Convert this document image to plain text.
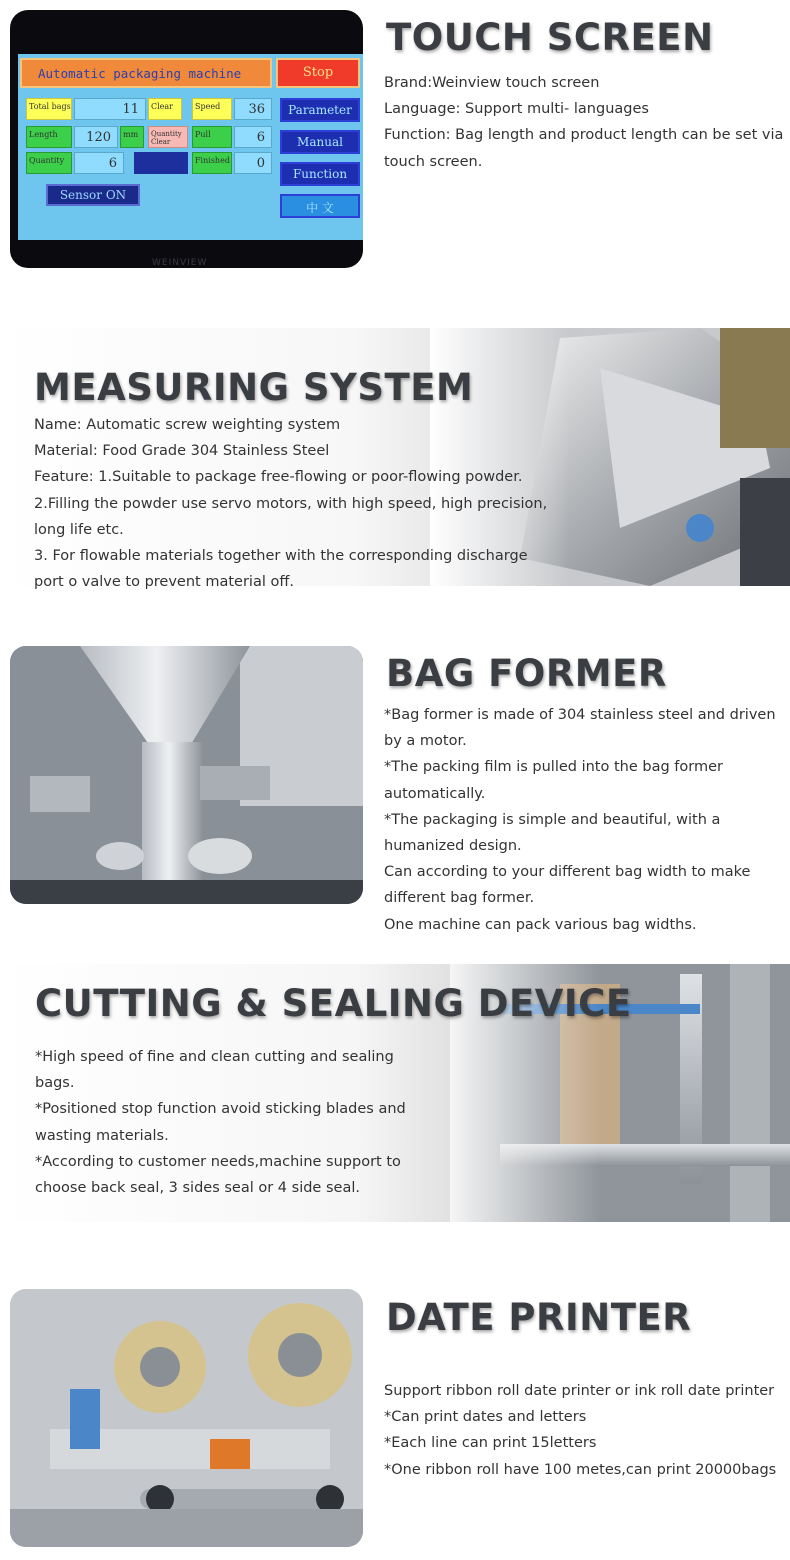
Automatic packaging machine	Stop
Total bags	11	Clear	Speed	36
Length	120	mm	Quantity Clear
Pull	6
Quantity	6	Finished	0
Sensor ON
Parameter
Manual
Function
中 文
WEINVIEW
TOUCH SCREEN

Brand:Weinview touch screen

Language: Support multi- languages

Function: Bag length and product length can be set via

touch screen.

MEASURING SYSTEM

Name: Automatic screw weighting system

Material: Food Grade 304 Stainless Steel

Feature: 1.Suitable to package free-flowing or poor-flowing powder.

2.Filling the powder use servo motors, with high speed, high precision,

long life etc.

3. For flowable materials together with the corresponding discharge

port o valve to prevent material off.

BAG FORMER

*Bag former is made of 304 stainless steel and driven

by a motor.

*The packing film is pulled into the bag former

automatically.

*The packaging is simple and beautiful, with a

humanized design.

Can according to your different bag width to make

different bag former.

One machine can pack various bag widths.

CUTTING & SEALING DEVICE

*High speed of fine and clean cutting and sealing

bags.

*Positioned stop function avoid sticking blades and

wasting materials.

*According to customer needs,machine support to

choose back seal, 3 sides seal or 4 side seal.

DATE PRINTER

Support ribbon roll date printer or ink roll date printer

*Can print dates and letters

*Each line can print 15letters

*One ribbon roll have 100 metes,can print 20000bags
